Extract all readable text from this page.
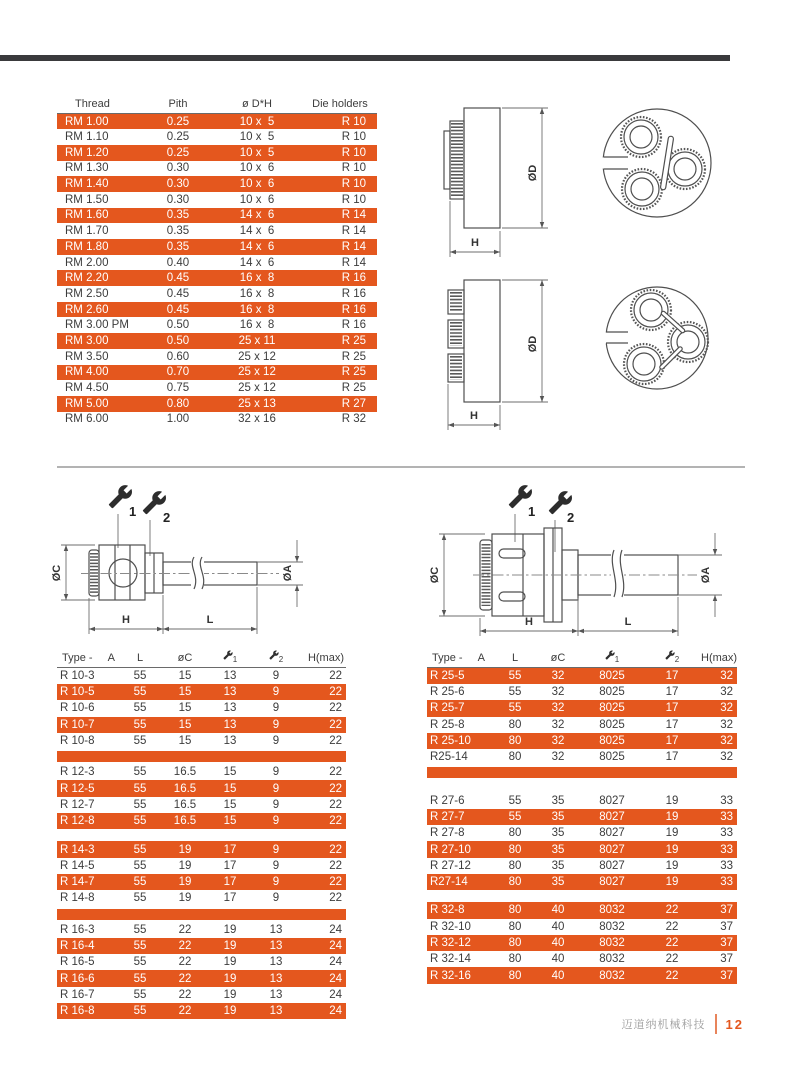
Thread	Pith	ø D*H	Die holders
RM 1.00	0.25	10 x  5	R 10
RM 1.10	0.25	10 x  5	R 10
RM 1.20	0.25	10 x  5	R 10
RM 1.30	0.30	10 x  6	R 10
RM 1.40	0.30	10 x  6	R 10
RM 1.50	0.30	10 x  6	R 10
RM 1.60	0.35	14 x  6	R 14
RM 1.70	0.35	14 x  6	R 14
RM 1.80	0.35	14 x  6	R 14
RM 2.00	0.40	14 x  6	R 14
RM 2.20	0.45	16 x  8	R 16
RM 2.50	0.45	16 x  8	R 16
RM 2.60	0.45	16 x  8	R 16
RM 3.00 PM	0.50	16 x  8	R 16
RM 3.00	0.50	25 x 11	R 25
RM 3.50	0.60	25 x 12	R 25
RM 4.00	0.70	25 x 12	R 25
RM 4.50	0.75	25 x 12	R 25
RM 5.00	0.80	25 x 13	R 27
RM 6.00	1.00	32 x 16	R 32
ØD
H
ØD
H
1 2
ØC	ØA
H	L
1 2
ØC	ØA
H	L
Type - A	L	øC	$_1$	$_2$	H(max)
R 10-3	55	15	13	9	22
R 10-5	55	15	13	9	22
R 10-6	55	15	13	9	22
R 10-7	55	15	13	9	22
R 10-8	55	15	13	9	22

R 12-3	55	16.5	15	9	22
R 12-5	55	16.5	15	9	22
R 12-7	55	16.5	15	9	22
R 12-8	55	16.5	15	9	22

R 14-3	55	19	17	9	22
R 14-5	55	19	17	9	22
R 14-7	55	19	17	9	22
R 14-8	55	19	17	9	22

R 16-3	55	22	19	13	24
R 16-4	55	22	19	13	24
R 16-5	55	22	19	13	24
R 16-6	55	22	19	13	24
R 16-7	55	22	19	13	24
R 16-8	55	22	19	13	24
Type - A	L	øC	$_1$	$_2$	H(max)
R 25-5	55	32	8025	17	32
R 25-6	55	32	8025	17	32
R 25-7	55	32	8025	17	32
R 25-8	80	32	8025	17	32
R 25-10	80	32	8025	17	32
R25-14	80	32	8025	17	32

R 27-6	55	35	8027	19	33
R 27-7	55	35	8027	19	33
R 27-8	80	35	8027	19	33
R 27-10	80	35	8027	19	33
R 27-12	80	35	8027	19	33
R27-14	80	35	8027	19	33

R 32-8	80	40	8032	22	37
R 32-10	80	40	8032	22	37
R 32-12	80	40	8032	22	37
R 32-14	80	40	8032	22	37
R 32-16	80	40	8032	22	37
迈道纳机械科技 12
